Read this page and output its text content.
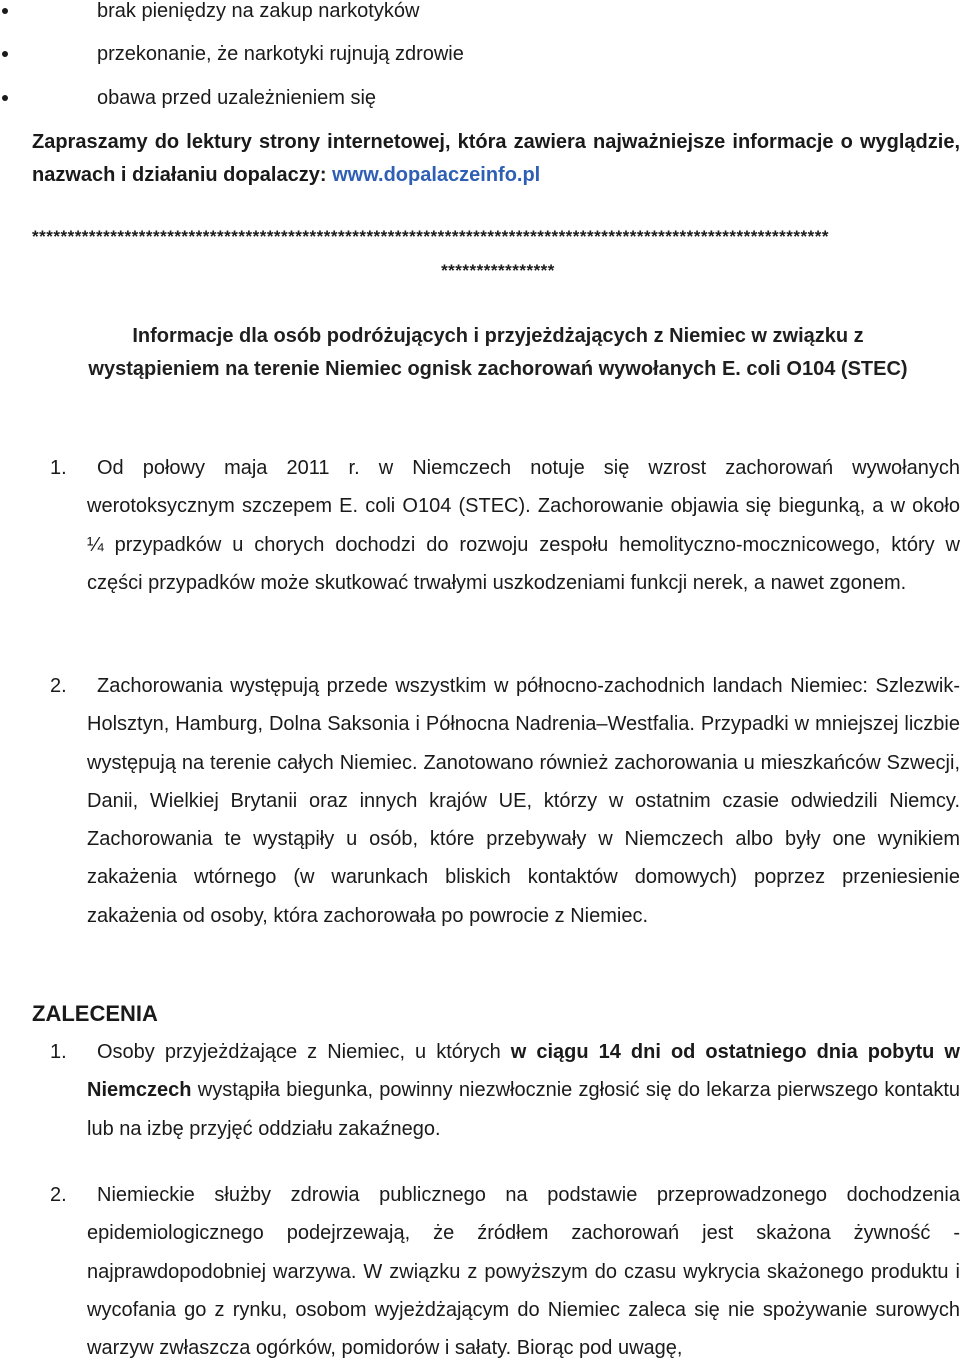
brak pieniędzy na zakup narkotyków
przekonanie, że narkotyki rujnują zdrowie
obawa przed uzależnieniem się
Zapraszamy do lektury strony internetowej, która zawiera najważniejsze informacje o wyglądzie, nazwach i działaniu dopalaczy: www.dopalaczeinfo.pl
****************************************************************************************************************
****************
Informacje dla osób podróżujących i przyjeżdżających z Niemiec w związku z
wystąpieniem na terenie Niemiec ognisk zachorowań wywołanych E. coli O104 (STEC)
1.	Od połowy maja 2011 r. w Niemczech notuje się wzrost zachorowań wywołanych werotoksycznym szczepem E. coli O104 (STEC). Zachorowanie objawia się biegunką, a w około ¼ przypadków u chorych dochodzi do rozwoju zespołu hemolityczno-mocznicowego, który w części przypadków może skutkować trwałymi uszkodzeniami funkcji nerek, a nawet zgonem.
2.	Zachorowania występują przede wszystkim w północno-zachodnich landach Niemiec: Szlezwik-Holsztyn, Hamburg, Dolna Saksonia i Północna Nadrenia–Westfalia. Przypadki w mniejszej liczbie występują na terenie całych Niemiec. Zanotowano również zachorowania u mieszkańców Szwecji, Danii, Wielkiej Brytanii oraz innych krajów UE, którzy w ostatnim czasie odwiedzili Niemcy. Zachorowania te wystąpiły u osób, które przebywały w Niemczech albo były one wynikiem zakażenia wtórnego (w warunkach bliskich kontaktów domowych) poprzez przeniesienie zakażenia od osoby, która zachorowała po powrocie z Niemiec.
ZALECENIA
1.	Osoby przyjeżdżające z Niemiec, u których w ciągu 14 dni od ostatniego dnia pobytu w Niemczech wystąpiła biegunka, powinny niezwłocznie zgłosić się do lekarza pierwszego kontaktu lub na izbę przyjęć oddziału zakaźnego.
2.	Niemieckie służby zdrowia publicznego na podstawie przeprowadzonego dochodzenia epidemiologicznego podejrzewają, że źródłem zachorowań jest skażona żywność - najprawdopodobniej warzywa. W związku z powyższym do czasu wykrycia skażonego produktu i wycofania go z rynku, osobom wyjeżdżającym do Niemiec zaleca się nie spożywanie surowych warzyw zwłaszcza ogórków, pomidorów i sałaty. Biorąc pod uwagę,
